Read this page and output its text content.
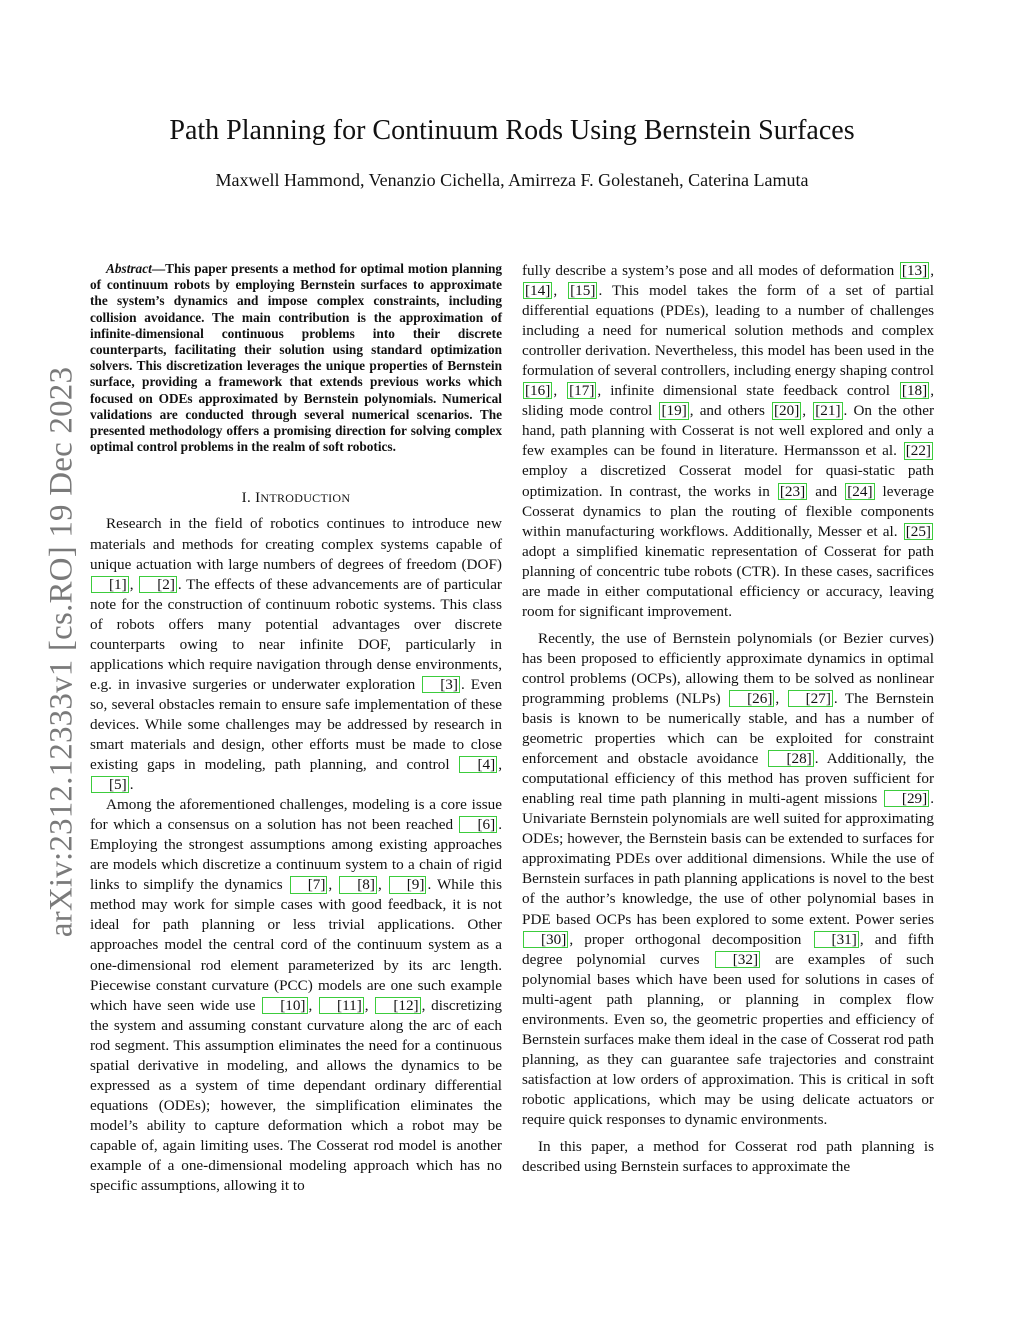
arXiv:2312.12333v1 [cs.RO] 19 Dec 2023
Path Planning for Continuum Rods Using Bernstein Surfaces
Maxwell Hammond, Venanzio Cichella, Amirreza F. Golestaneh, Caterina Lamuta

Abstract—This paper presents a method for optimal motion planning of continuum robots by employing Bernstein surfaces to approximate the system’s dynamics and impose complex constraints, including collision avoidance. The main contribution is the approximation of infinite-dimensional continuous problems into their discrete counterparts, facilitating their solution using standard optimization solvers. This discretization leverages the unique properties of Bernstein surface, providing a framework that extends previous works which focused on ODEs approximated by Bernstein polynomials. Numerical validations are conducted through several numerical scenarios. The presented methodology offers a promising direction for solving complex optimal control problems in the realm of soft robotics.

I. INTRODUCTION

Research in the field of robotics continues to introduce new materials and methods for creating complex systems capable of unique actuation with large numbers of degrees of freedom (DOF) [1] , [2] . The effects of these advancements are of particular note for the construction of continuum robotic systems. This class of robots offers many potential advantages over discrete counterparts owing to near infinite DOF, particularly in applications which require navigation through dense environments, e.g. in invasive surgeries or underwater exploration [3] . Even so, several obstacles remain to ensure safe implementation of these devices. While some challenges may be addressed by research in smart materials and design, other efforts must be made to close existing gaps in modeling, path planning, and control [4] , [5] .

Among the aforementioned challenges, modeling is a core issue for which a consensus on a solution has not been reached [6] . Employing the strongest assumptions among existing approaches are models which discretize a continuum system to a chain of rigid links to simplify the dynamics [7] , [8] , [9] . While this method may work for simple cases with good feedback, it is not ideal for path planning or less trivial applications. Other approaches model the central cord of the continuum system as a one-dimensional rod element parameterized by its arc length. Piecewise constant curvature (PCC) models are one such example which have seen wide use [10] , [11] , [12] , discretizing the system and assuming constant curvature along the arc of each rod segment. This assumption eliminates the need for a continuous spatial derivative in modeling, and allows the dynamics to be expressed as a system of time dependant ordinary differential equations (ODEs); however, the simplification eliminates the model’s ability to capture deformation which a robot may be capable of, again limiting uses. The Cosserat rod model is another example of a one-dimensional modeling approach which has no specific assumptions, allowing it to

fully describe a system’s pose and all modes of deformation [13] , [14] , [15] . This model takes the form of a set of partial differential equations (PDEs), leading to a number of challenges including a need for numerical solution methods and complex controller derivation. Nevertheless, this model has been used in the formulation of several controllers, including energy shaping control [16] , [17] , infinite dimensional state feedback control [18] , sliding mode control [19] , and others [20] , [21] . On the other hand, path planning with Cosserat is not well explored and only a few examples can be found in literature. Hermansson et al. [22] employ a discretized Cosserat model for quasi-static path optimization. In contrast, the works in [23] and [24] leverage Cosserat dynamics to plan the routing of flexible components within manufacturing workflows. Additionally, Messer et al. [25] adopt a simplified kinematic representation of Cosserat for path planning of concentric tube robots (CTR). In these cases, sacrifices are made in either computational efficiency or accuracy, leaving room for significant improvement.

Recently, the use of Bernstein polynomials (or Bezier curves) has been proposed to efficiently approximate dynamics in optimal control problems (OCPs), allowing them to be solved as nonlinear programming problems (NLPs) [26] , [27] . The Bernstein basis is known to be numerically stable, and has a number of geometric properties which can be exploited for constraint enforcement and obstacle avoidance [28] . Additionally, the computational efficiency of this method has proven sufficient for enabling real time path planning in multi-agent missions [29] . Univariate Bernstein polynomials are well suited for approximating ODEs; however, the Bernstein basis can be extended to surfaces for approximating PDEs over additional dimensions. While the use of Bernstein surfaces in path planning applications is novel to the best of the author’s knowledge, the use of other polynomial bases in PDE based OCPs has been explored to some extent. Power series [30] , proper orthogonal decomposition [31] , and fifth degree polynomial curves [32] are examples of such polynomial bases which have been used for solutions in cases of multi-agent path planning, or planning in complex flow environments. Even so, the geometric properties and efficiency of Bernstein surfaces make them ideal in the case of Cosserat rod path planning, as they can guarantee safe trajectories and constraint satisfaction at low orders of approximation. This is critical in soft robotic applications, which may be using delicate actuators or require quick responses to dynamic environments.

In this paper, a method for Cosserat rod path planning is described using Bernstein surfaces to approximate the
